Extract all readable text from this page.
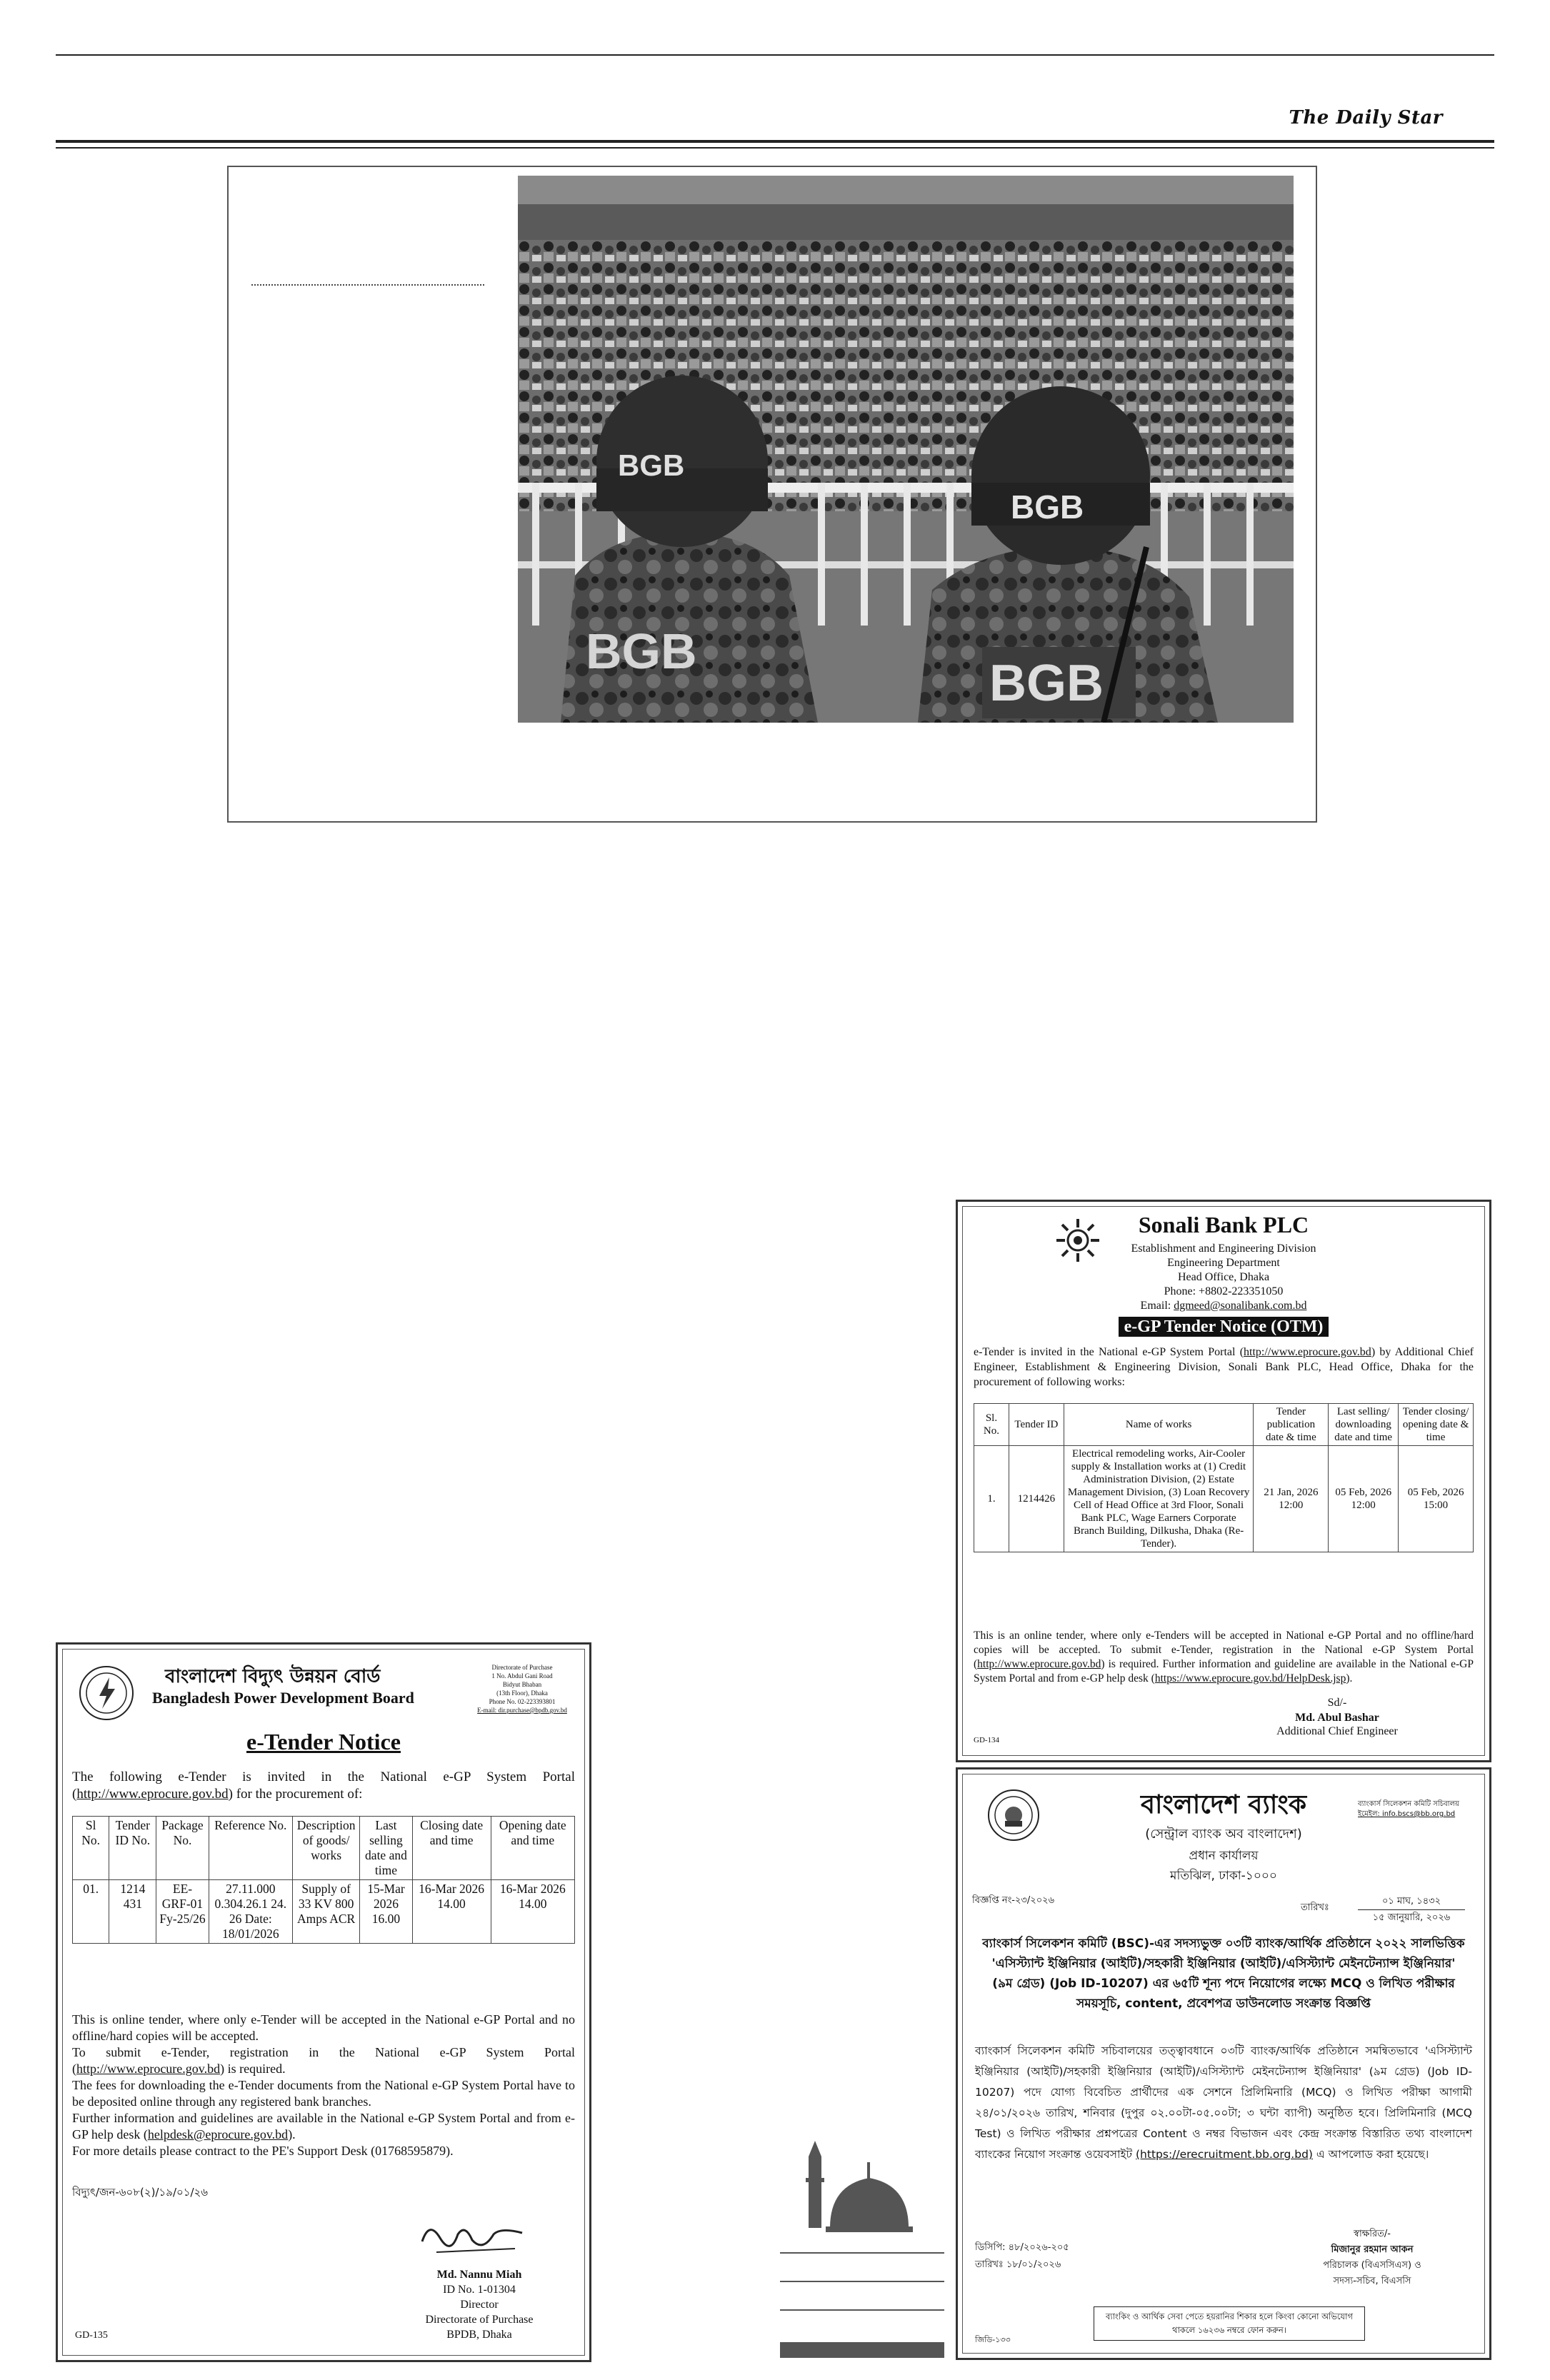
The Daily Star
BGB
BGB
BGB
BGB
Sonali Bank PLC
Establishment and Engineering Division
Engineering Department
Head Office, Dhaka
Phone: +8802-223351050
Email: dgmeed@sonalibank.com.bd
e-GP Tender Notice (OTM)
e-Tender is invited in the National e-GP System Portal (http://www.eprocure.gov.bd) by Additional Chief Engineer, Establishment & Engineering Division, Sonali Bank PLC, Head Office, Dhaka for the procurement of following works:
Sl. No.	Tender ID	Name of works	Tender publication date & time	Last selling/ downloading date and time	Tender closing/ opening date & time
1.	1214426	Electrical remodeling works, Air-Cooler supply & Installation works at (1) Credit Administration Division, (2) Estate Management Division, (3) Loan Recovery Cell of Head Office at 3rd Floor, Sonali Bank PLC, Wage Earners Corporate Branch Building, Dilkusha, Dhaka (Re-Tender).	21 Jan, 2026 12:00	05 Feb, 2026 12:00	05 Feb, 2026 15:00
This is an online tender, where only e-Tenders will be accepted in National e-GP Portal and no offline/hard copies will be accepted. To submit e-Tender, registration in the National e-GP System Portal (http://www.eprocure.gov.bd) is required. Further information and guideline are available in the National e-GP System Portal and from e-GP help desk (https://www.eprocure.gov.bd/HelpDesk.jsp).
Sd/-
Md. Abul Bashar
Additional Chief Engineer
GD-134
বাংলাদেশ ব্যাংক
(সেন্ট্রাল ব্যাংক অব বাংলাদেশ)
প্রধান কার্যালয়
মতিঝিল, ঢাকা-১০০০
ব্যাংকার্স সিলেকশন কমিটি সচিবালয়
ইমেইল: info.bscs@bb.org.bd
বিজ্ঞপ্তি নং-২৩/২০২৬
তারিখঃ
০১ মাঘ, ১৪৩২
১৫ জানুয়ারি, ২০২৬
ব্যাংকার্স সিলেকশন কমিটি (BSC)-এর সদস্যভুক্ত ০৩টি ব্যাংক/আর্থিক প্রতিষ্ঠানে ২০২২ সালভিত্তিক 'এসিস্ট্যান্ট ইঞ্জিনিয়ার (আইটি)/সহকারী ইঞ্জিনিয়ার (আইটি)/এসিস্ট্যান্ট মেইনটেন্যান্স ইঞ্জিনিয়ার' (৯ম গ্রেড) (Job ID-10207) এর ৬৫টি শূন্য পদে নিয়োগের লক্ষ্যে MCQ ও লিখিত পরীক্ষার সময়সূচি, content, প্রবেশপত্র ডাউনলোড সংক্রান্ত বিজ্ঞপ্তি
ব্যাংকার্স সিলেকশন কমিটি সচিবালয়ের তত্ত্বাবধানে ০৩টি ব্যাংক/আর্থিক প্রতিষ্ঠানে সমন্বিতভাবে 'এসিস্ট্যান্ট ইঞ্জিনিয়ার (আইটি)/সহকারী ইঞ্জিনিয়ার (আইটি)/এসিস্ট্যান্ট মেইনটেন্যান্স ইঞ্জিনিয়ার' (৯ম গ্রেড) (Job ID- 10207) পদে যোগ্য বিবেচিত প্রার্থীদের এক সেশনে প্রিলিমিনারি (MCQ) ও লিখিত পরীক্ষা আগামী ২৪/০১/২০২৬ তারিখ, শনিবার (দুপুর ০২.০০টা-০৫.০০টা; ৩ ঘন্টা ব্যাপী) অনুষ্ঠিত হবে। প্রিলিমিনারি (MCQ Test) ও লিখিত পরীক্ষার প্রশ্নপত্রের Content ও নম্বর বিভাজন এবং কেন্দ্র সংক্রান্ত বিস্তারিত তথ্য বাংলাদেশ ব্যাংকের নিয়োগ সংক্রান্ত ওয়েবসাইট (https://erecruitment.bb.org.bd) এ আপলোড করা হয়েছে।
ডিসিপি: ৪৮/২০২৬-২০৫
তারিখঃ ১৮/০১/২০২৬
স্বাক্ষরিত/-
মিজানুর রহমান আকন
পরিচালক (বিএসসিএস) ও
সদস্য-সচিব, বিএসসি
ব্যাংকিং ও আর্থিক সেবা পেতে হয়রানির শিকার হলে কিংবা কোনো অভিযোগ থাকলে ১৬২৩৬ নম্বরে ফোন করুন।
জিডি-১৩৩
বাংলাদেশ বিদ্যুৎ উন্নয়ন বোর্ড
Bangladesh Power Development Board
Directorate of Purchase
1 No. Abdul Gani Road
Bidyut Bhaban
(13th Floor), Dhaka
Phone No. 02-223393801
E-mail: dir.purchase@bpdb.gov.bd
e-Tender Notice
The following e-Tender is invited in the National e-GP System Portal (http://www.eprocure.gov.bd) for the procurement of:
Sl No.	Tender ID No.	Package No.	Reference No.	Description of goods/ works	Last selling date and time	Closing date and time	Opening date and time
01.	1214 431	EE-GRF-01 Fy-25/26	27.11.000 0.304.26.1 24. 26 Date: 18/01/2026	Supply of 33 KV 800 Amps ACR	15-Mar 2026 16.00	16-Mar 2026 14.00	16-Mar 2026 14.00
This is online tender, where only e-Tender will be accepted in the National e-GP Portal and no offline/hard copies will be accepted.
To submit e-Tender, registration in the National e-GP System Portal (http://www.eprocure.gov.bd) is required.
The fees for downloading the e-Tender documents from the National e-GP System Portal have to be deposited online through any registered bank branches.
Further information and guidelines are available in the National e-GP System Portal and from e-GP help desk (helpdesk@eprocure.gov.bd).
For more details please contract to the PE's Support Desk (01768595879).
বিদ্যুৎ/জন-৬০৮(২)/১৯/০১/২৬
Md. Nannu Miah
ID No. 1-01304
Director
Directorate of Purchase
BPDB, Dhaka
GD-135
